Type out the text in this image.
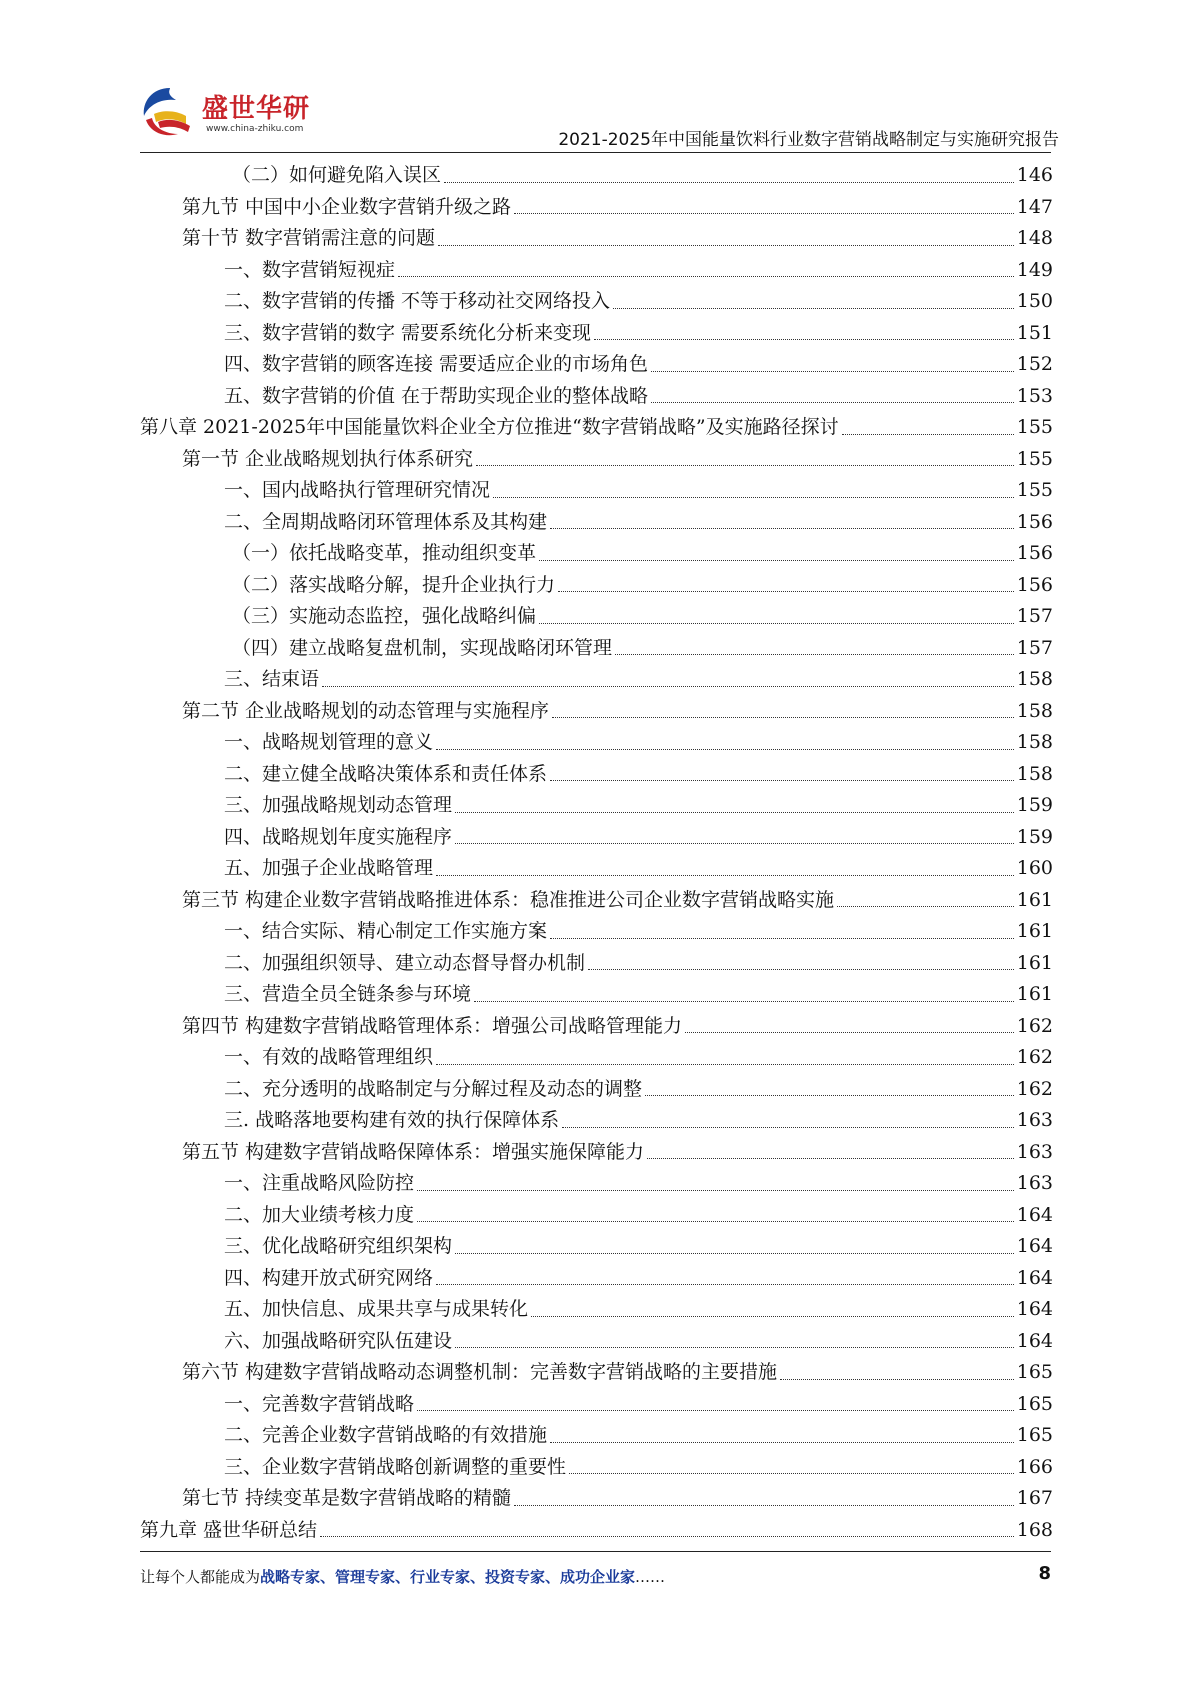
盛世华研
www.china-zhiku.com
2021-2025年中国能量饮料行业数字营销战略制定与实施研究报告
（二）如何避免陷入误区	146
第九节 中国中小企业数字营销升级之路	147
第十节 数字营销需注意的问题	148
一、数字营销短视症	149
二、数字营销的传播 不等于移动社交网络投入	150
三、数字营销的数字 需要系统化分析来变现	151
四、数字营销的顾客连接 需要适应企业的市场角色	152
五、数字营销的价值 在于帮助实现企业的整体战略	153
第八章 2021-2025年中国能量饮料企业全方位推进“数字营销战略”及实施路径探讨	155
第一节 企业战略规划执行体系研究	155
一、国内战略执行管理研究情况	155
二、全周期战略闭环管理体系及其构建	156
（一）依托战略变革，推动组织变革	156
（二）落实战略分解，提升企业执行力	156
（三）实施动态监控，强化战略纠偏	157
（四）建立战略复盘机制，实现战略闭环管理	157
三、结束语	158
第二节 企业战略规划的动态管理与实施程序	158
一、战略规划管理的意义	158
二、建立健全战略决策体系和责任体系	158
三、加强战略规划动态管理	159
四、战略规划年度实施程序	159
五、加强子企业战略管理	160
第三节 构建企业数字营销战略推进体系：稳准推进公司企业数字营销战略实施	161
一、结合实际、精心制定工作实施方案	161
二、加强组织领导、建立动态督导督办机制	161
三、营造全员全链条参与环境	161
第四节 构建数字营销战略管理体系：增强公司战略管理能力	162
一、有效的战略管理组织	162
二、充分透明的战略制定与分解过程及动态的调整	162
三. 战略落地要构建有效的执行保障体系	163
第五节 构建数字营销战略保障体系：增强实施保障能力	163
一、注重战略风险防控	163
二、加大业绩考核力度	164
三、优化战略研究组织架构	164
四、构建开放式研究网络	164
五、加快信息、成果共享与成果转化	164
六、加强战略研究队伍建设	164
第六节 构建数字营销战略动态调整机制：完善数字营销战略的主要措施	165
一、完善数字营销战略	165
二、完善企业数字营销战略的有效措施	165
三、企业数字营销战略创新调整的重要性	166
第七节 持续变革是数字营销战略的精髓	167
第九章 盛世华研总结	168
让每个人都能成为战略专家、管理专家、行业专家、投资专家、成功企业家……	8
